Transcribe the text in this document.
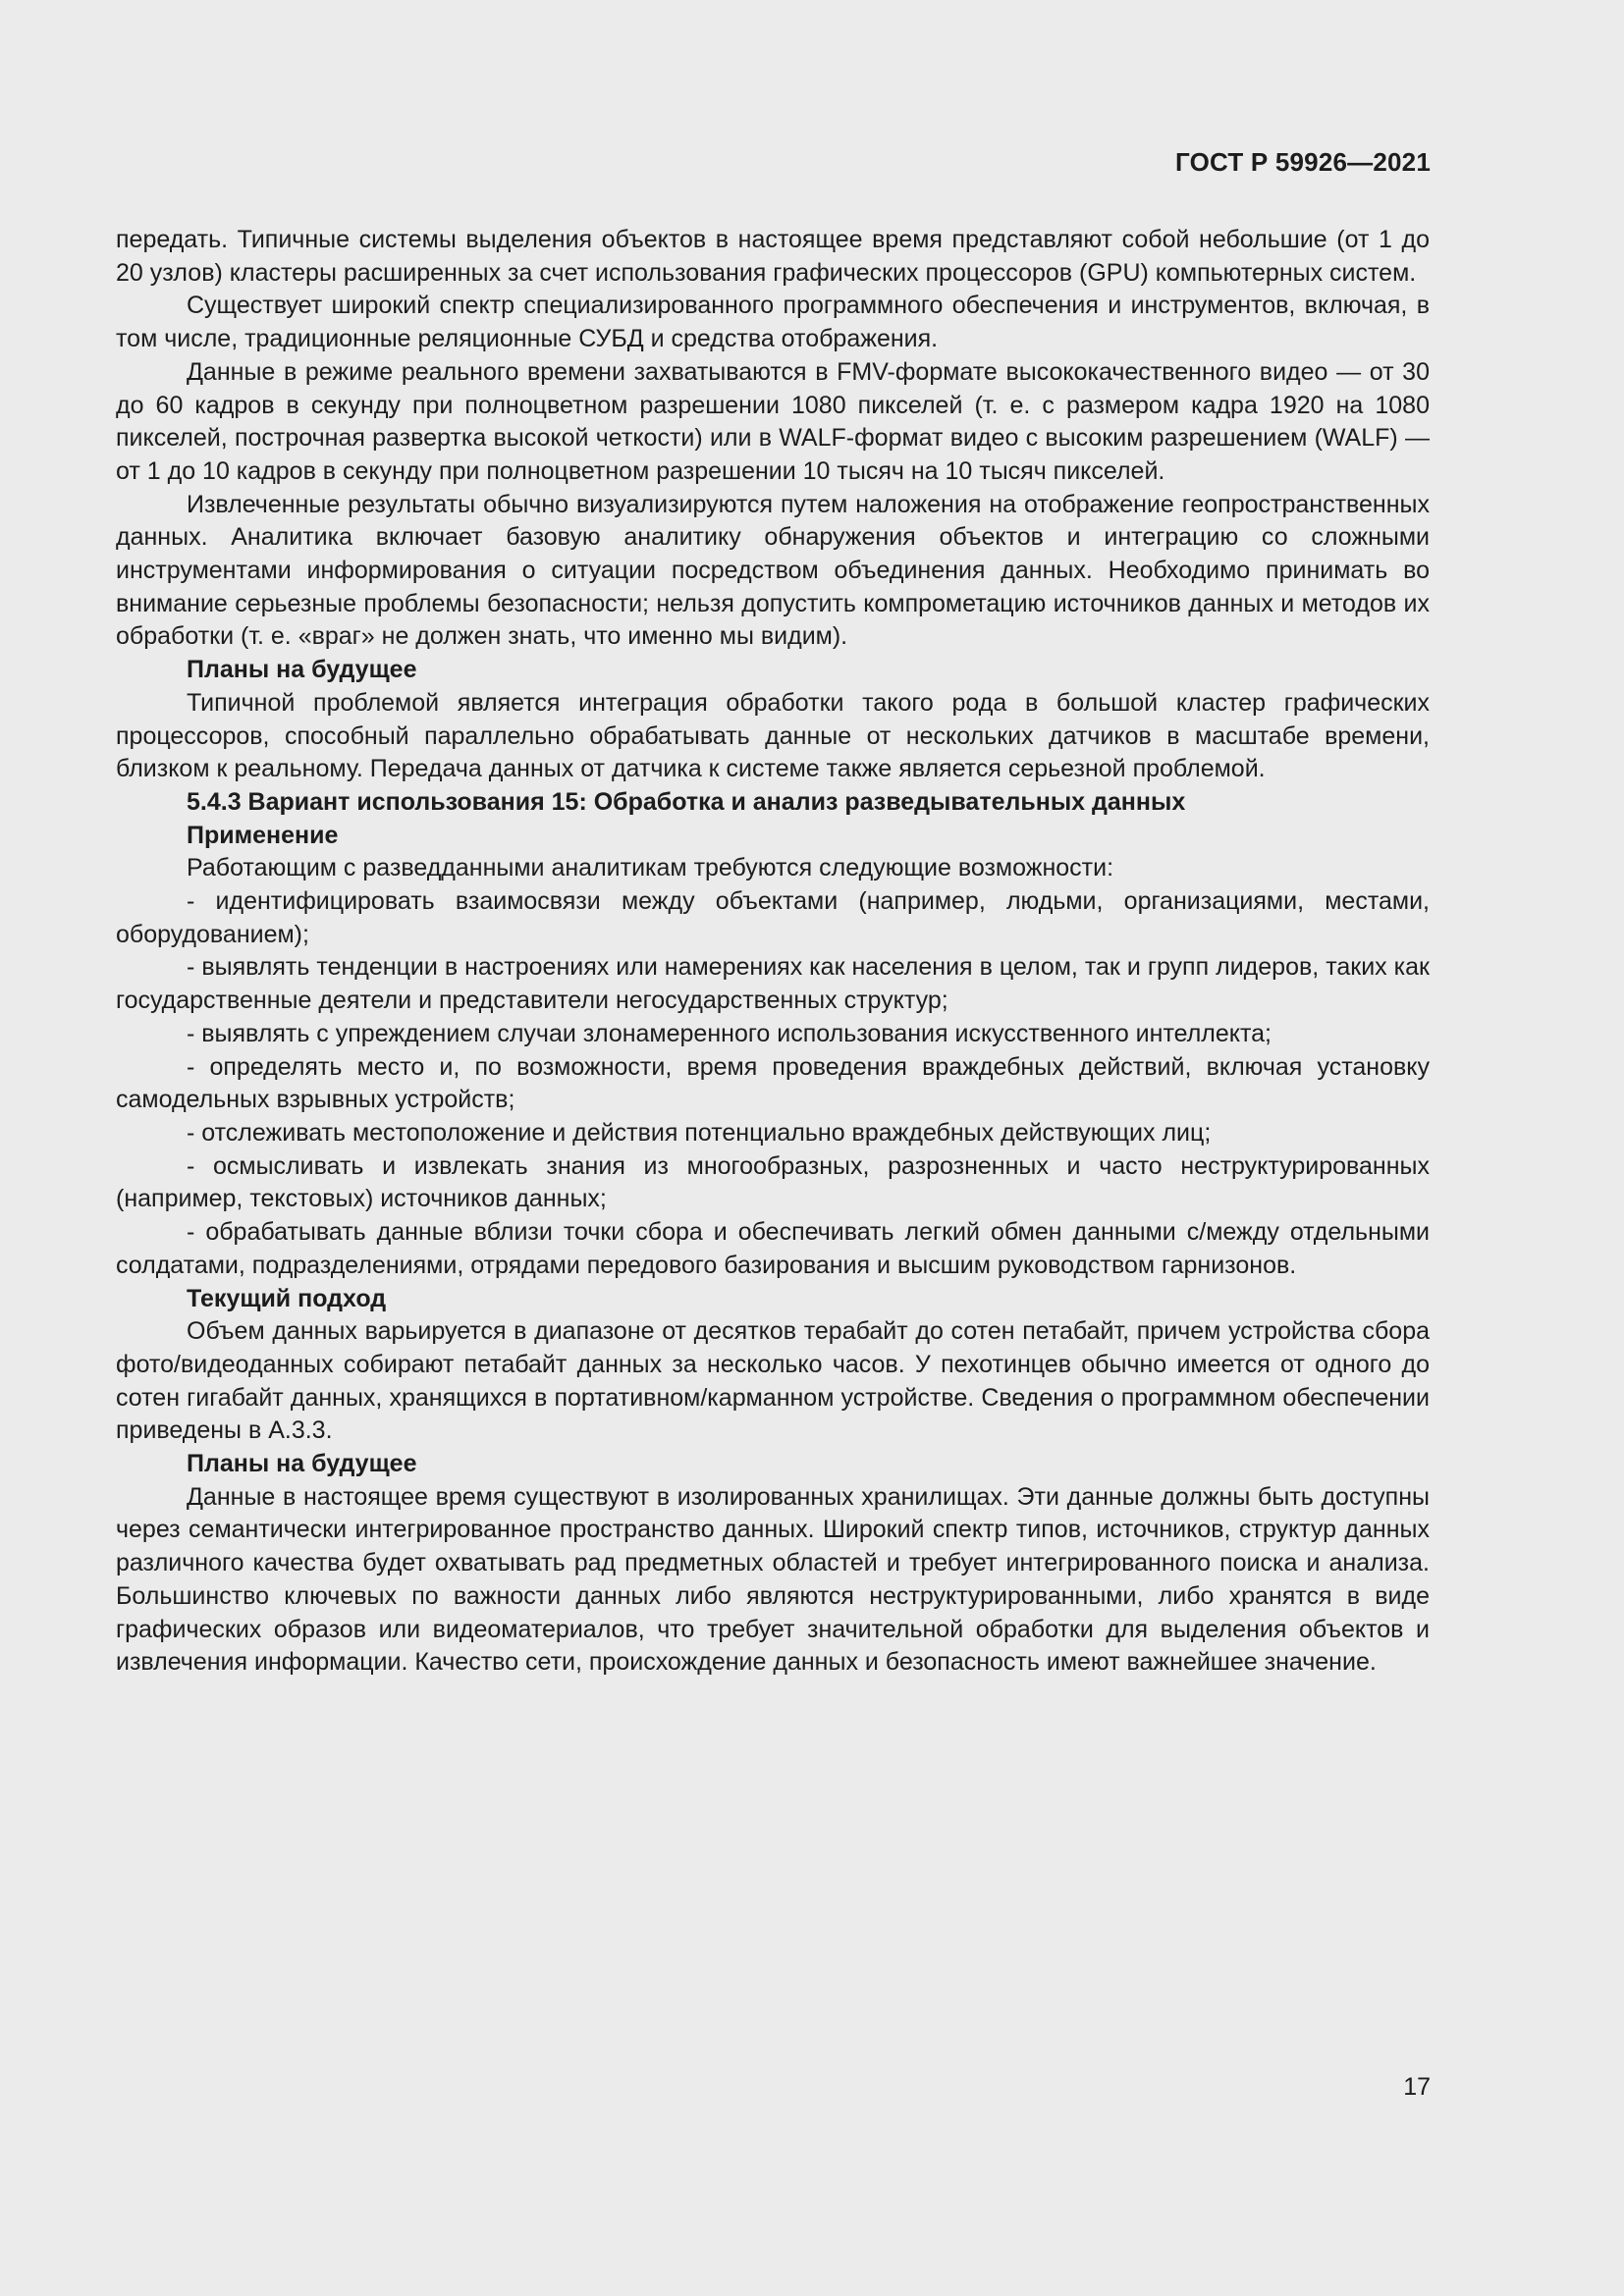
ГОСТ Р 59926—2021

передать. Типичные системы выделения объектов в настоящее время представляют собой небольшие (от 1 до 20 узлов) кластеры расширенных за счет использования графических процессоров (GPU) компьютерных систем.

Существует широкий спектр специализированного программного обеспечения и инструментов, включая, в том числе, традиционные реляционные СУБД и средства отображения.

Данные в режиме реального времени захватываются в FMV-формате высококачественного видео — от 30 до 60 кадров в секунду при полноцветном разрешении 1080 пикселей (т. е. с размером кадра 1920 на 1080 пикселей, построчная развертка высокой четкости) или в WALF-формат видео с высоким разрешением (WALF) — от 1 до 10 кадров в секунду при полноцветном разрешении 10 тысяч на 10 тысяч пикселей.

Извлеченные результаты обычно визуализируются путем наложения на отображение геопространственных данных. Аналитика включает базовую аналитику обнаружения объектов и интеграцию со сложными инструментами информирования о ситуации посредством объединения данных. Необходимо принимать во внимание серьезные проблемы безопасности; нельзя допустить компрометацию источников данных и методов их обработки (т. е. «враг» не должен знать, что именно мы видим).

Планы на будущее

Типичной проблемой является интеграция обработки такого рода в большой кластер графических процессоров, способный параллельно обрабатывать данные от нескольких датчиков в масштабе времени, близком к реальному. Передача данных от датчика к системе также является серьезной проблемой.

5.4.3 Вариант использования 15: Обработка и анализ разведывательных данных

Применение

Работающим с разведданными аналитикам требуются следующие возможности:

- идентифицировать взаимосвязи между объектами (например, людьми, организациями, местами, оборудованием);

- выявлять тенденции в настроениях или намерениях как населения в целом, так и групп лидеров, таких как государственные деятели и представители негосударственных структур;

- выявлять с упреждением случаи злонамеренного использования искусственного интеллекта;

- определять место и, по возможности, время проведения враждебных действий, включая установку самодельных взрывных устройств;

- отслеживать местоположение и действия потенциально враждебных действующих лиц;

- осмысливать и извлекать знания из многообразных, разрозненных и часто неструктурированных (например, текстовых) источников данных;

- обрабатывать данные вблизи точки сбора и обеспечивать легкий обмен данными с/между отдельными солдатами, подразделениями, отрядами передового базирования и высшим руководством гарнизонов.

Текущий подход

Объем данных варьируется в диапазоне от десятков терабайт до сотен петабайт, причем устройства сбора фото/видеоданных собирают петабайт данных за несколько часов. У пехотинцев обычно имеется от одного до сотен гигабайт данных, хранящихся в портативном/карманном устройстве. Сведения о программном обеспечении приведены в А.3.3.

Планы на будущее

Данные в настоящее время существуют в изолированных хранилищах. Эти данные должны быть доступны через семантически интегрированное пространство данных. Широкий спектр типов, источников, структур данных различного качества будет охватывать рад предметных областей и требует интегрированного поиска и анализа. Большинство ключевых по важности данных либо являются неструктурированными, либо хранятся в виде графических образов или видеоматериалов, что требует значительной обработки для выделения объектов и извлечения информации. Качество сети, происхождение данных и безопасность имеют важнейшее значение.

17
